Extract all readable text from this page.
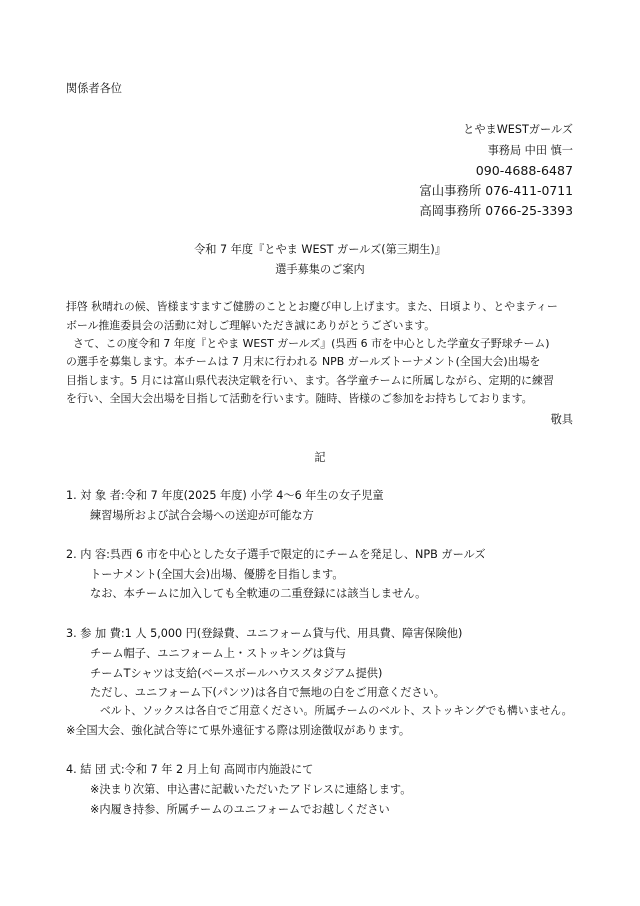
関係者各位
とやまWESTガールズ
事務局 中田 慎一
090-4688-6487
富山事務所 076-411-0711
高岡事務所 0766-25-3393
令和 7 年度『とやま WEST ガールズ(第三期生)』
選手募集のご案内
拝啓 秋晴れの候、皆様ますますご健勝のこととお慶び申し上げます。また、日頃より、とやまティー
ボール推進委員会の活動に対しご理解いただき誠にありがとうございます。
さて、この度令和 7 年度『とやま WEST ガールズ』(呉西 6 市を中心とした学童女子野球チーム)
の選手を募集します。本チームは 7 月末に行われる NPB ガールズトーナメント(全国大会)出場を
目指します。5 月には富山県代表決定戦を行い、ます。各学童チームに所属しながら、定期的に練習
を行い、全国大会出場を目指して活動を行います。随時、皆様のご参加をお持ちしております。
敬具
記
1. 対 象 者:令和 7 年度(2025 年度) 小学 4～6 年生の女子児童
練習場所および試合会場への送迎が可能な方
2. 内 容:呉西 6 市を中心とした女子選手で限定的にチームを発足し、NPB ガールズ
トーナメント(全国大会)出場、優勝を目指します。
なお、本チームに加入しても全軟連の二重登録には該当しません。
3. 参 加 費:1 人 5,000 円(登録費、ユニフォーム貸与代、用具費、障害保険他)
チーム帽子、ユニフォーム上・ストッキングは貸与
チームTシャツは支給(ベースボールハウススタジアム提供)
ただし、ユニフォーム下(パンツ)は各自で無地の白をご用意ください。
ベルト、ソックスは各自でご用意ください。所属チームのベルト、ストッキングでも構いません。
※全国大会、強化試合等にて県外遠征する際は別途徴収があります。
4. 結 団 式:令和 7 年 2 月上旬 高岡市内施設にて
※決まり次第、申込書に記載いただいたアドレスに連絡します。
※内履き持参、所属チームのユニフォームでお越しください
